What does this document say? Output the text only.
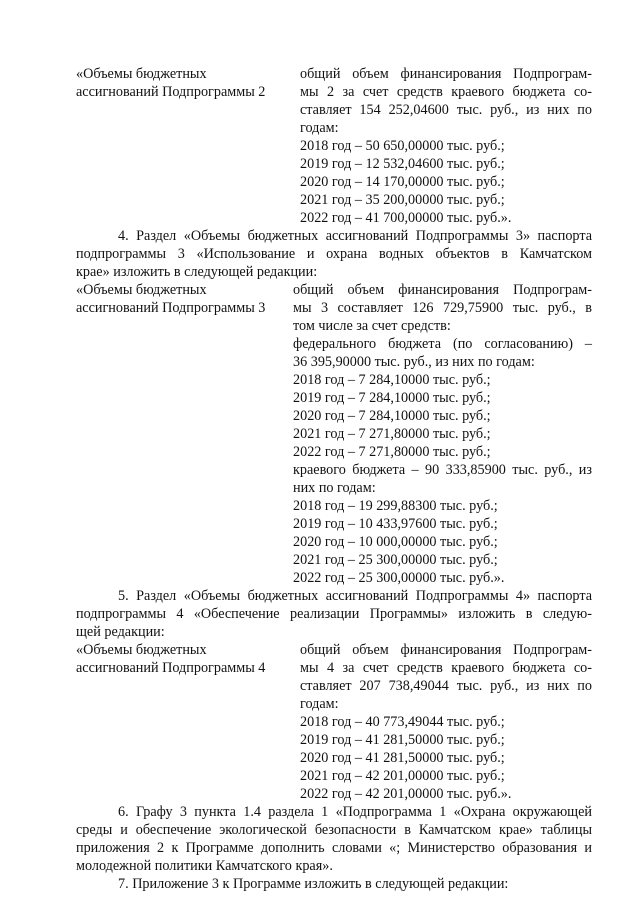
«Объемы бюджетных
ассигнований Подпрограммы 2
общий объем финансирования Подпрограм-
мы 2 за счет средств краевого бюджета со-
ставляет 154 252,04600 тыс. руб., из них по
годам:
2018 год – 50 650,00000 тыс. руб.;
2019 год – 12 532,04600 тыс. руб.;
2020 год – 14 170,00000 тыс. руб.;
2021 год – 35 200,00000 тыс. руб.;
2022 год – 41 700,00000 тыс. руб.».
4. Раздел «Объемы бюджетных ассигнований Подпрограммы 3» паспорта
подпрограммы 3 «Использование и охрана водных объектов в Камчатском
крае» изложить в следующей редакции:
«Объемы бюджетных
ассигнований Подпрограммы 3
общий объем финансирования Подпрограм-
мы 3 составляет 126 729,75900 тыс. руб., в
том числе за счет средств:
федерального бюджета (по согласованию) –
36 395,90000 тыс. руб., из них по годам:
2018 год – 7 284,10000 тыс. руб.;
2019 год – 7 284,10000 тыс. руб.;
2020 год – 7 284,10000 тыс. руб.;
2021 год – 7 271,80000 тыс. руб.;
2022 год – 7 271,80000 тыс. руб.;
краевого бюджета – 90 333,85900 тыс. руб., из
них по годам:
2018 год – 19 299,88300 тыс. руб.;
2019 год – 10 433,97600 тыс. руб.;
2020 год – 10 000,00000 тыс. руб.;
2021 год – 25 300,00000 тыс. руб.;
2022 год – 25 300,00000 тыс. руб.».
5. Раздел «Объемы бюджетных ассигнований Подпрограммы 4» паспорта
подпрограммы 4 «Обеспечение реализации Программы» изложить в следую-
щей редакции:
«Объемы бюджетных
ассигнований Подпрограммы 4
общий объем финансирования Подпрограм-
мы 4 за счет средств краевого бюджета со-
ставляет 207 738,49044 тыс. руб., из них по
годам:
2018 год – 40 773,49044 тыс. руб.;
2019 год – 41 281,50000 тыс. руб.;
2020 год – 41 281,50000 тыс. руб.;
2021 год – 42 201,00000 тыс. руб.;
2022 год – 42 201,00000 тыс. руб.».
6. Графу 3 пункта 1.4 раздела 1 «Подпрограмма 1 «Охрана окружающей
среды и обеспечение экологической безопасности в Камчатском крае» таблицы
приложения 2 к Программе дополнить словами «; Министерство образования и
молодежной политики Камчатского края».
7. Приложение 3 к Программе изложить в следующей редакции:
